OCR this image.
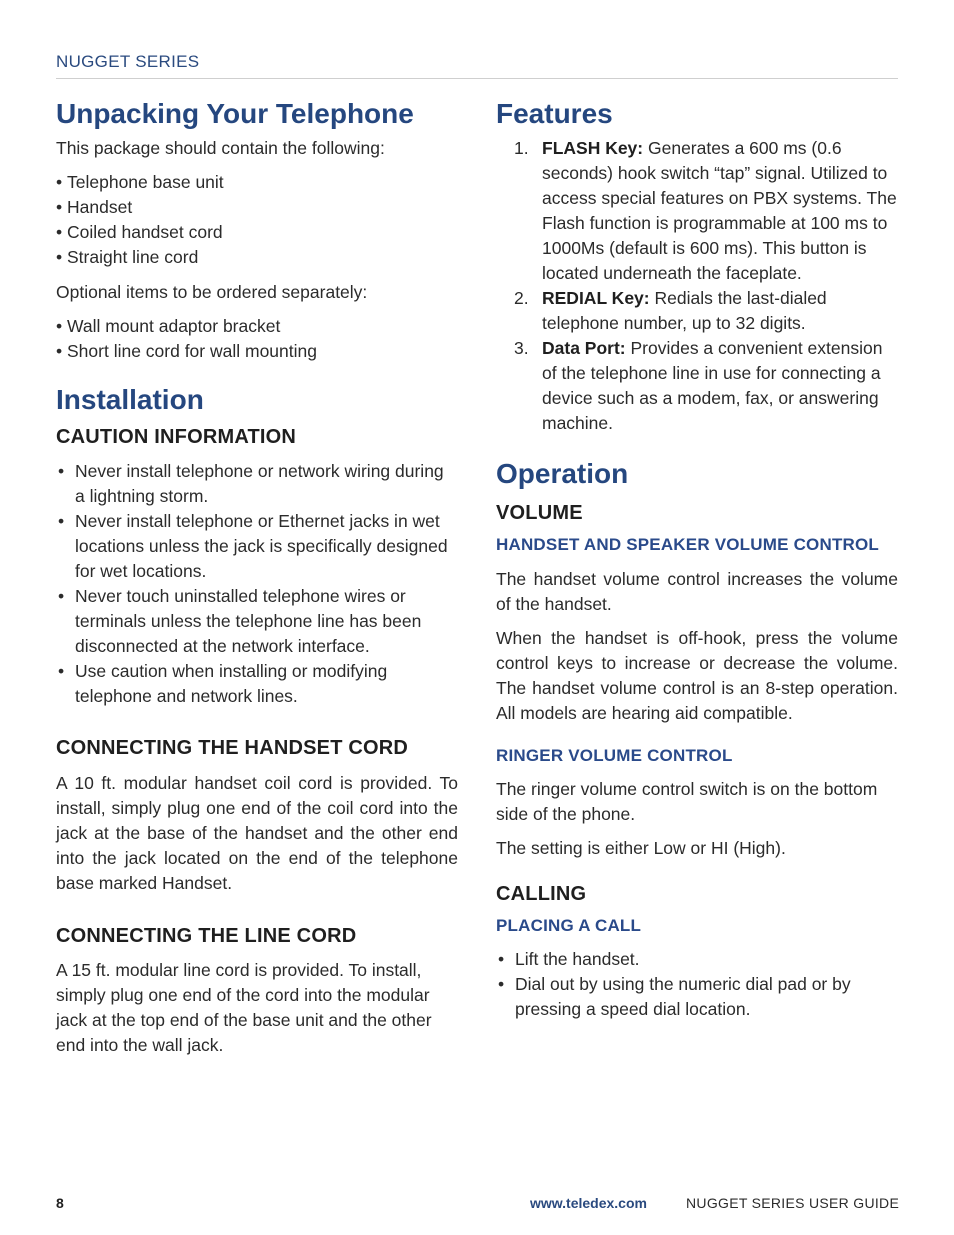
NUGGET SERIES
Unpacking Your Telephone

This package should contain the following:

• Telephone base unit
• Handset
• Coiled handset cord
• Straight line cord

Optional items to be ordered separately:

• Wall mount adaptor bracket
• Short line cord for wall mounting
Installation
CAUTION INFORMATION
• Never install telephone or network wiring during a lightning storm.
• Never install telephone or Ethernet jacks in wet locations unless the jack is specifically designed for wet locations.
• Never touch uninstalled telephone wires or terminals unless the telephone line has been disconnected at the network interface.
• Use caution when installing or modifying telephone and network lines.
CONNECTING THE HANDSET CORD

A 10 ft. modular handset coil cord is provided. To install, simply plug one end of the coil cord into the jack at the base of the handset and the other end into the jack located on the end of the telephone base marked Handset.

CONNECTING THE LINE CORD

A 15 ft. modular line cord is provided. To install, simply plug one end of the cord into the modular jack at the top end of the base unit and the other end into the wall jack.

Features
1. FLASH Key: Generates a 600 ms (0.6 seconds) hook switch “tap” signal. Utilized to access special features on PBX systems. The Flash function is programmable at 100 ms to 1000Ms (default is 600 ms). This button is located underneath the faceplate.
2. REDIAL Key: Redials the last-dialed telephone number, up to 32 digits.
3. Data Port: Provides a convenient extension of the telephone line in use for connecting a device such as a modem, fax, or answering machine.
Operation
VOLUME
HANDSET AND SPEAKER VOLUME CONTROL

The handset volume control increases the volume of the handset.

When the handset is off-hook, press the volume control keys to increase or decrease the volume. The handset volume control is an 8-step operation. All models are hearing aid compatible.

RINGER VOLUME CONTROL

The ringer volume control switch is on the bottom side of the phone.

The setting is either Low or HI (High).

CALLING
PLACING A CALL
• Lift the handset.
• Dial out by using the numeric dial pad or by pressing a speed dial location.
8	www.teledex.com	NUGGET SERIES USER GUIDE
